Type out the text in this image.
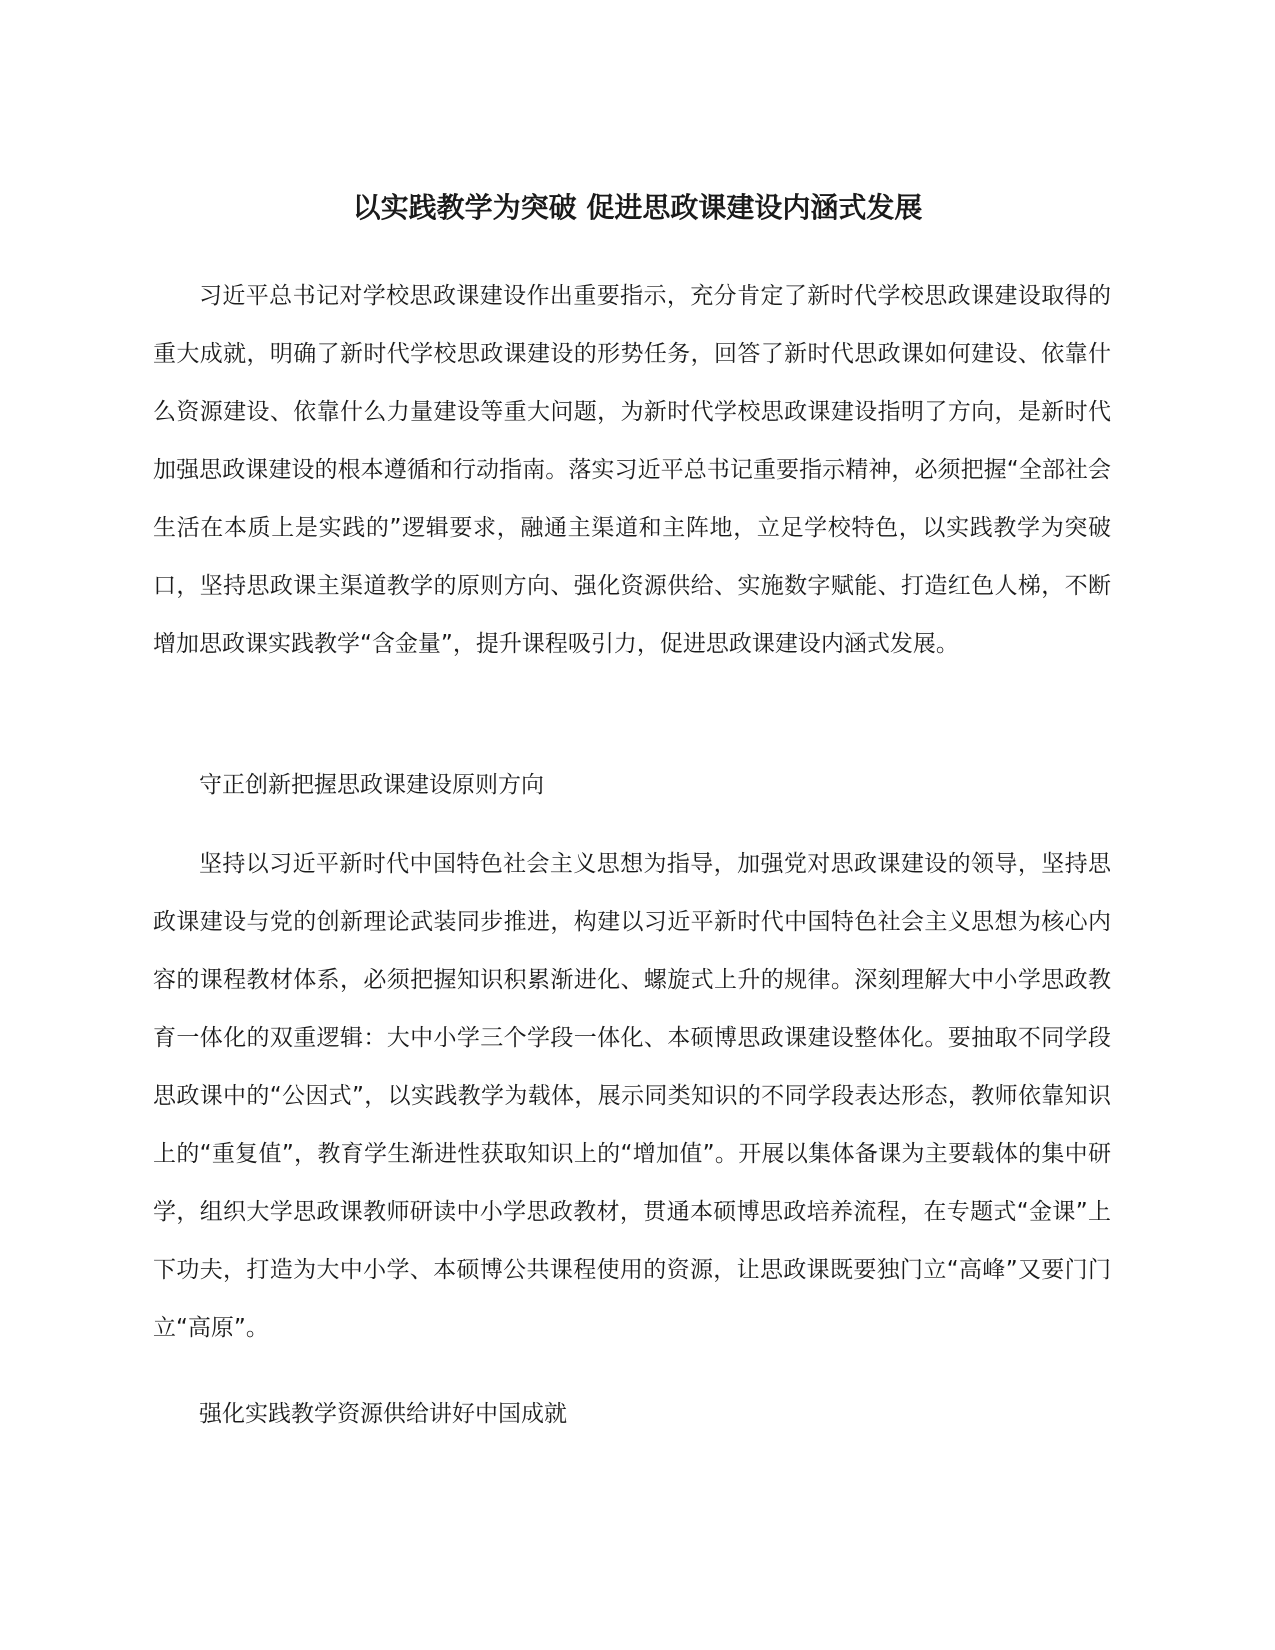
以实践教学为突破 促进思政课建设内涵式发展

习近平总书记对学校思政课建设作出重要指示，充分肯定了新时代学校思政课建设取得的重大成就，明确了新时代学校思政课建设的形势任务，回答了新时代思政课如何建设、依靠什么资源建设、依靠什么力量建设等重大问题，为新时代学校思政课建设指明了方向，是新时代加强思政课建设的根本遵循和行动指南。落实习近平总书记重要指示精神，必须把握“全部社会生活在本质上是实践的”逻辑要求，融通主渠道和主阵地，立足学校特色，以实践教学为突破口，坚持思政课主渠道教学的原则方向、强化资源供给、实施数字赋能、打造红色人梯，不断增加思政课实践教学“含金量”，提升课程吸引力，促进思政课建设内涵式发展。

守正创新把握思政课建设原则方向

坚持以习近平新时代中国特色社会主义思想为指导，加强党对思政课建设的领导，坚持思政课建设与党的创新理论武装同步推进，构建以习近平新时代中国特色社会主义思想为核心内容的课程教材体系，必须把握知识积累渐进化、螺旋式上升的规律。深刻理解大中小学思政教育一体化的双重逻辑：大中小学三个学段一体化、本硕博思政课建设整体化。要抽取不同学段思政课中的“公因式”，以实践教学为载体，展示同类知识的不同学段表达形态，教师依靠知识上的“重复值”，教育学生渐进性获取知识上的“增加值”。开展以集体备课为主要载体的集中研学，组织大学思政课教师研读中小学思政教材，贯通本硕博思政培养流程，在专题式“金课”上下功夫，打造为大中小学、本硕博公共课程使用的资源，让思政课既要独门立“高峰”又要门门立“高原”。

强化实践教学资源供给讲好中国成就
